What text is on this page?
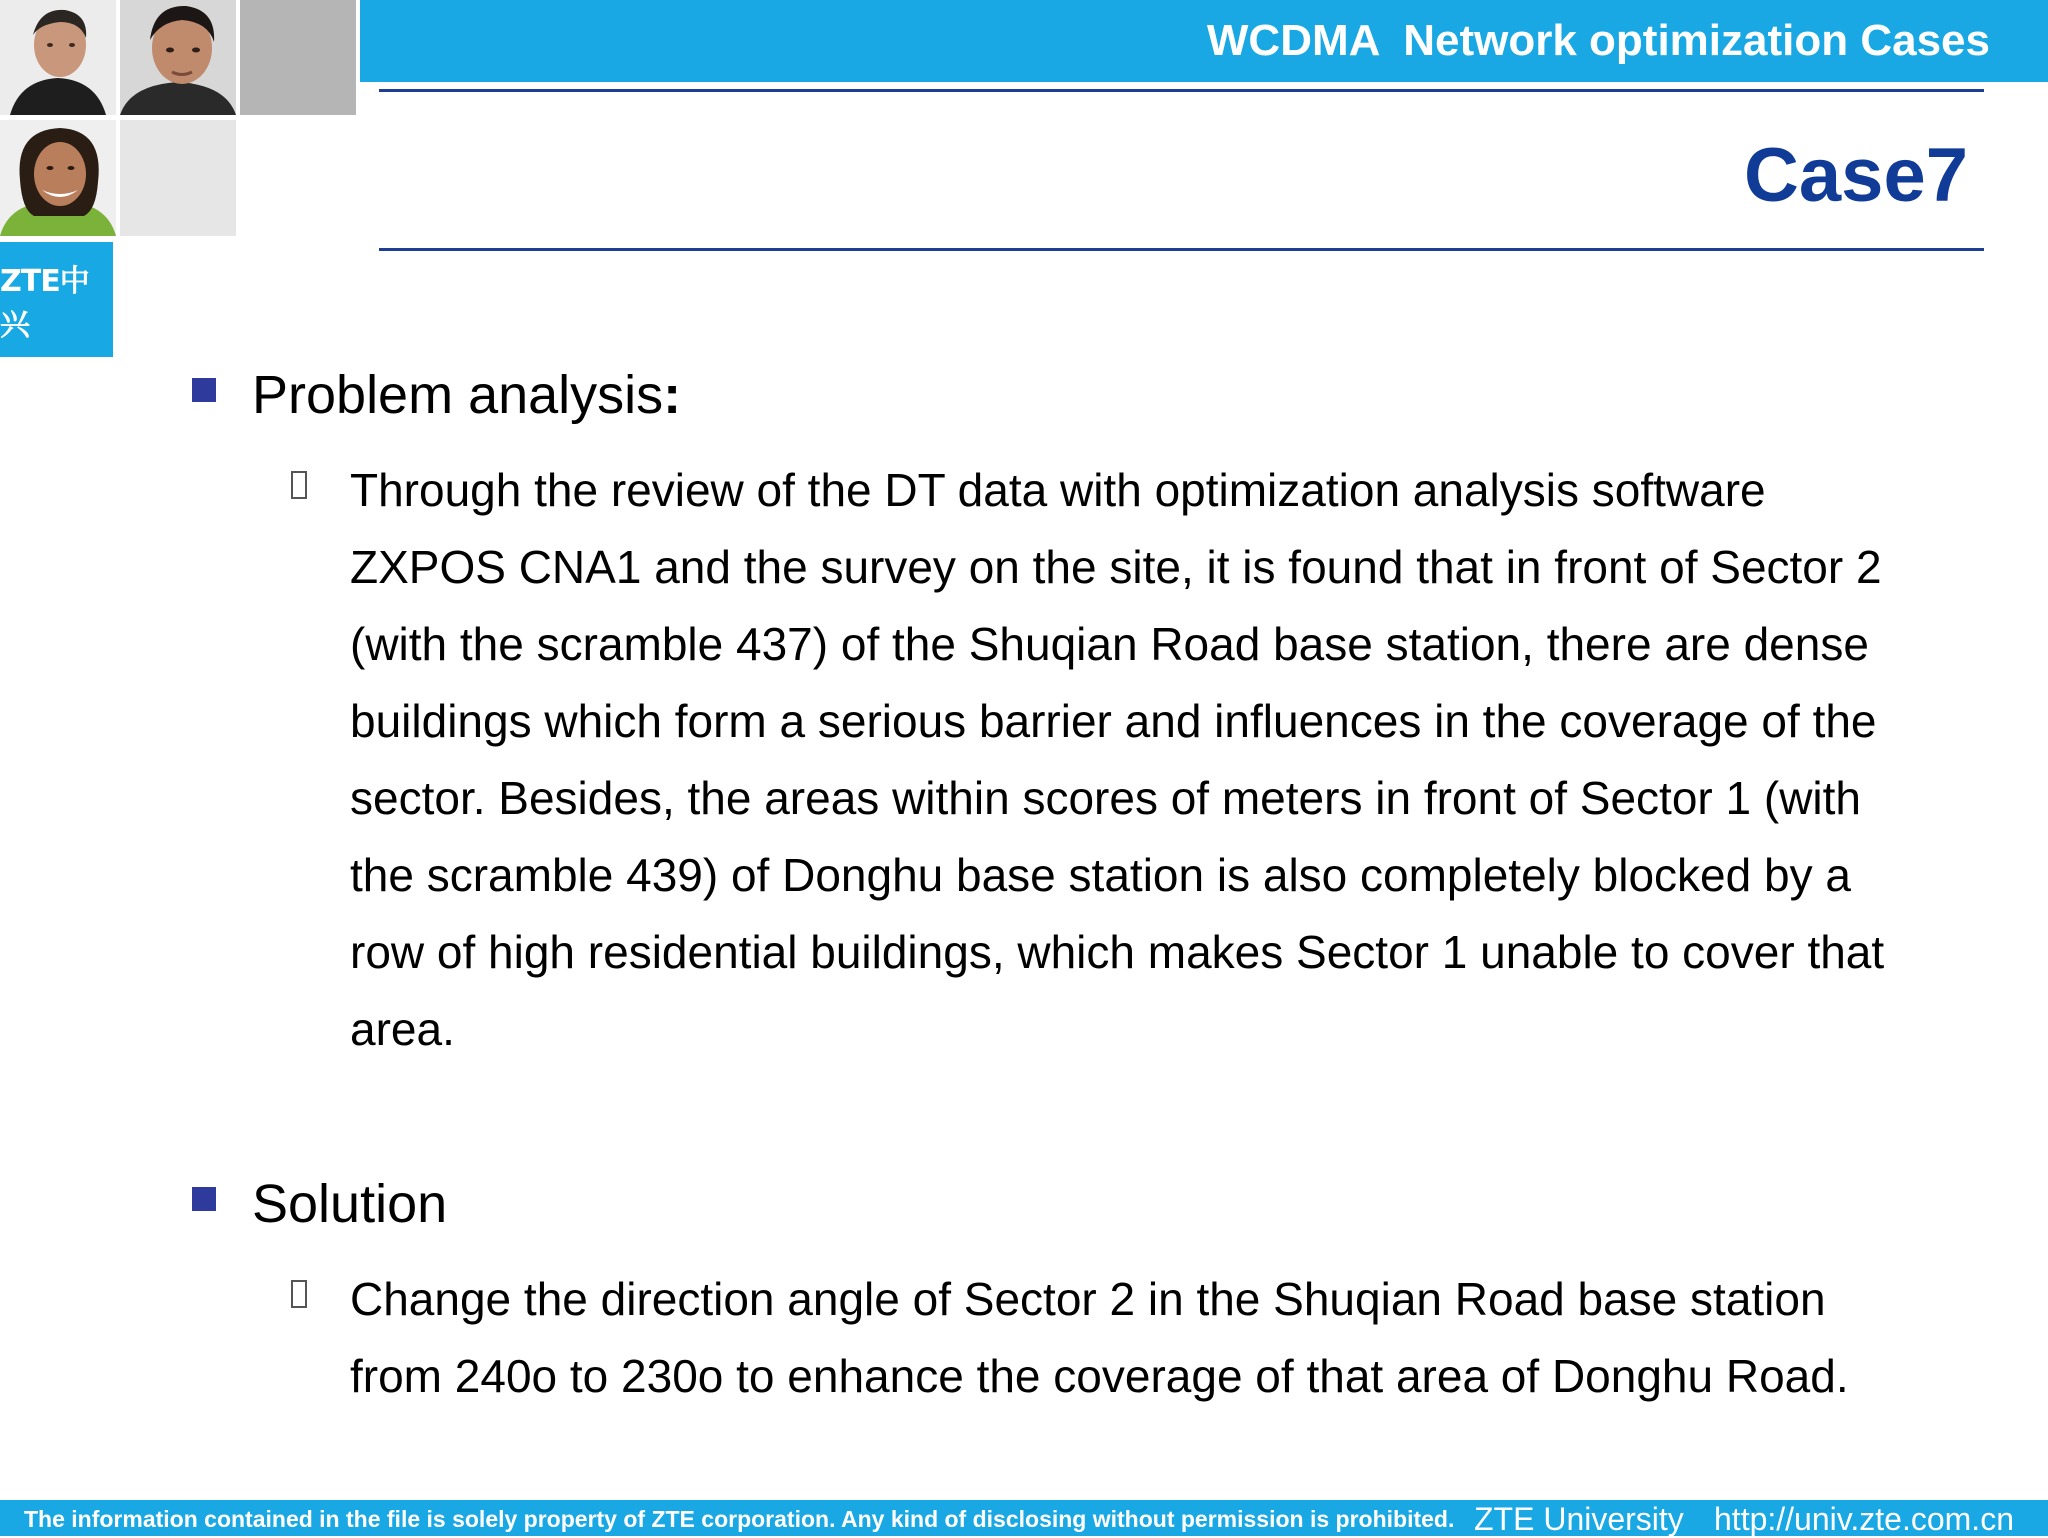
ZTE中兴
WCDMA  Network optimization Cases
Case7
Problem analysis:

Through the review of the DT data with optimization analysis software ZXPOS CNA1 and the survey on the site, it is found that in front of Sector 2 (with the scramble 437) of the Shuqian Road base station, there are dense buildings which form a serious barrier and influences in the coverage of the sector. Besides, the areas within scores of meters in front of Sector 1 (with the scramble 439) of Donghu base station is also completely blocked by a row of high residential buildings, which makes Sector 1 unable to cover that area.

Solution

Change the direction angle of Sector 2 in the Shuqian Road base station from 240o to 230o to enhance the coverage of that area of Donghu Road.

The information contained in the file is solely property of ZTE corporation. Any kind of disclosing without permission is prohibited. ZTE University http://univ.zte.com.cn
